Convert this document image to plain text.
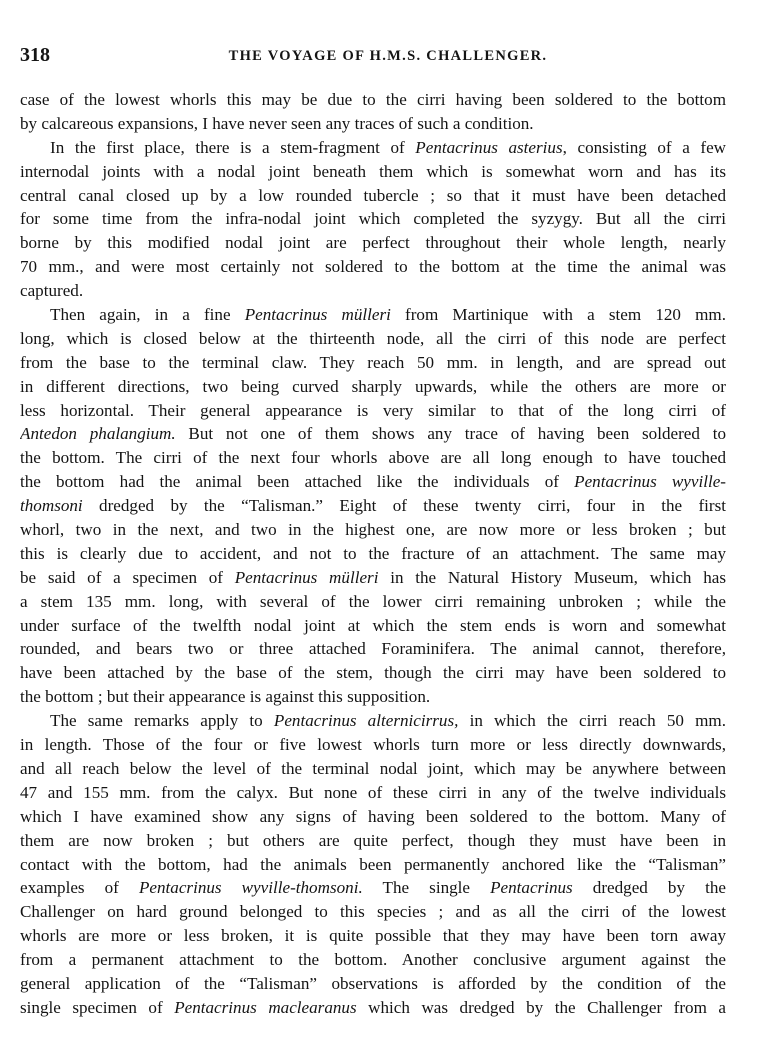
318	THE VOYAGE OF H.M.S. CHALLENGER.
case of the lowest whorls this may be due to the cirri having been soldered to the bottom
by calcareous expansions, I have never seen any traces of such a condition.
In the first place, there is a stem-fragment of Pentacrinus asterius, consisting of a few
internodal joints with a nodal joint beneath them which is somewhat worn and has its
central canal closed up by a low rounded tubercle ; so that it must have been detached
for some time from the infra-nodal joint which completed the syzygy. But all the cirri
borne by this modified nodal joint are perfect throughout their whole length, nearly
70 mm., and were most certainly not soldered to the bottom at the time the animal was
captured.
Then again, in a fine Pentacrinus mülleri from Martinique with a stem 120 mm.
long, which is closed below at the thirteenth node, all the cirri of this node are perfect
from the base to the terminal claw. They reach 50 mm. in length, and are spread out
in different directions, two being curved sharply upwards, while the others are more or
less horizontal. Their general appearance is very similar to that of the long cirri of
Antedon phalangium. But not one of them shows any trace of having been soldered to
the bottom. The cirri of the next four whorls above are all long enough to have touched
the bottom had the animal been attached like the individuals of Pentacrinus wyville-
thomsoni dredged by the “Talisman.” Eight of these twenty cirri, four in the first
whorl, two in the next, and two in the highest one, are now more or less broken ; but
this is clearly due to accident, and not to the fracture of an attachment. The same may
be said of a specimen of Pentacrinus mülleri in the Natural History Museum, which has
a stem 135 mm. long, with several of the lower cirri remaining unbroken ; while the
under surface of the twelfth nodal joint at which the stem ends is worn and somewhat
rounded, and bears two or three attached Foraminifera. The animal cannot, therefore,
have been attached by the base of the stem, though the cirri may have been soldered to
the bottom ; but their appearance is against this supposition.
The same remarks apply to Pentacrinus alternicirrus, in which the cirri reach 50 mm.
in length. Those of the four or five lowest whorls turn more or less directly downwards,
and all reach below the level of the terminal nodal joint, which may be anywhere between
47 and 155 mm. from the calyx. But none of these cirri in any of the twelve individuals
which I have examined show any signs of having been soldered to the bottom. Many of
them are now broken ; but others are quite perfect, though they must have been in
contact with the bottom, had the animals been permanently anchored like the “Talisman”
examples of Pentacrinus wyville-thomsoni. The single Pentacrinus dredged by the
Challenger on hard ground belonged to this species ; and as all the cirri of the lowest
whorls are more or less broken, it is quite possible that they may have been torn away
from a permanent attachment to the bottom. Another conclusive argument against the
general application of the “Talisman” observations is afforded by the condition of the
single specimen of Pentacrinus maclearanus which was dredged by the Challenger from a
